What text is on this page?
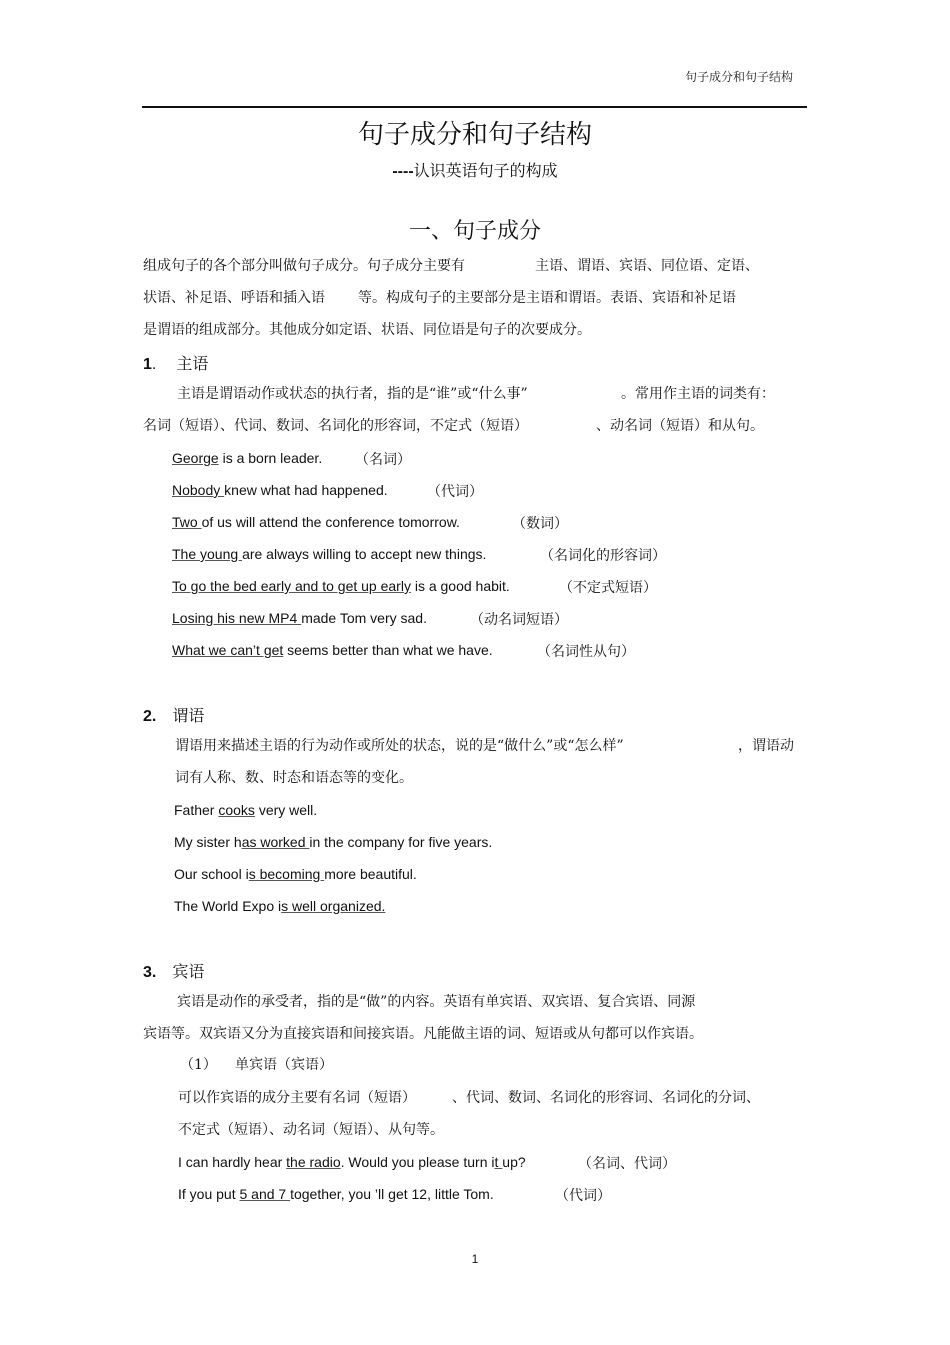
句子成分和句子结构
句子成分和句子结构
----认识英语句子的构成
一、句子成分
组成句子的各个部分叫做句子成分。句子成分主要有	主语、谓语、宾语、同位语、定语、
状语、补足语、呼语和插入语 等。构成句子的主要部分是主语和谓语。表语、宾语和补足语
是谓语的组成部分。其他成分如定语、状语、同位语是句子的次要成分。
1. 主语
主语是谓语动作或状态的执行者，指的是“谁”或“什么事”	。常用作主语的词类有：
名词（短语）、代词、数词、名词化的形容词，不定式（短语）	、动名词（短语）和从句。
George is a born leader. （名词）
Nobody knew what had happened.	（代词）
Two of us will attend the conference tomorrow.	（数词）
The young are always willing to accept new things.	（名词化的形容词）
To go the bed early and to get up early is a good habit.	（不定式短语）
Losing his new MP4 made Tom very sad.	（动名词短语）
What we can’t get seems better than what we have.	（名词性从句）
2. 谓语
谓语用来描述主语的行为动作或所处的状态，说的是“做什么”或“怎么样”	，谓语动
词有人称、数、时态和语态等的变化。
Father cooks very well.
My sister has worked in the company for five years.
Our school is becoming more beautiful.
The World Expo is well organized.
3. 宾语
宾语是动作的承受者，指的是“做”的内容。英语有单宾语、双宾语、复合宾语、同源
宾语等。双宾语又分为直接宾语和间接宾语。凡能做主语的词、短语或从句都可以作宾语。
（1） 单宾语（宾语）
可以作宾语的成分主要有名词（短语）	、代词、数词、名词化的形容词、名词化的分词、
不定式（短语）、动名词（短语）、从句等。
I can hardly hear the radio. Would you please turn it up?	（名词、代词）
If you put 5 and 7 together, you ’ll get 12, little Tom.	（代词）
1
